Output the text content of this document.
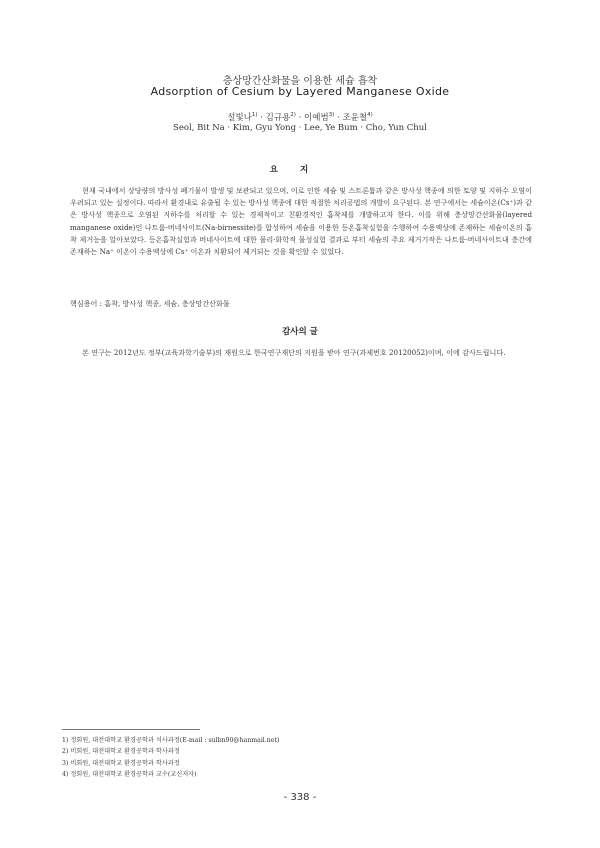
층상망간산화물을 이용한 세슘 흡착
Adsorption of Cesium by Layered Manganese Oxide
설빛나$^{1)}$ · 김규용$^{2)}$ · 이예범$^{3)}$ · 조윤철$^{4)}$
Seol, Bit Na · Kim, Gyu Yong · Lee, Ye Bum · Cho, Yun Chul
요지

현재 국내에서 상당량의 방사성 폐기물이 발생 및 보관되고 있으며, 이로 인한 세슘 및 스트론튬과 같은 방사성 핵종에 의한 토양 및 지하수 오염이 우려되고 있는 실정이다. 따라서 환경내로 유출될 수 있는 방사성 핵종에 대한 적절한 처리공법의 개발이 요구된다. 본 연구에서는 세슘이온(Cs⁺)과 같은 방사성 핵종으로 오염된 지하수를 처리할 수 있는 경제적이고 친환경적인 흡착제를 개발하고자 한다. 이를 위해 층상망간산화물(layered manganese oxide)인 나트륨-버네사이트(Na-birnessite)를 합성하여 세슘을 이용한 등온흡착실험을 수행하여 수용액상에 존재하는 세슘이온의 흡착 제거능을 알아보았다. 등온흡착실험과 버네사이트에 대한 물리·화학적 물성실험 결과로 부터 세슘의 주요 제거기작은 나트륨-버네사이트내 층간에 존재하는 Na⁺ 이온이 수용액상에 Cs⁺ 이온과 치환되어 제거되는 것을 확인할 수 있었다.

핵심용어 : 흡착, 방사성 핵종, 세슘, 층상망간산화물

감사의 글

본 연구는 2012년도 정부(교육과학기술부)의 재원으로 한국연구재단의 지원을 받아 연구(과제번호 20120052)이며, 이에 감사드립니다.

1) 정회원, 대전대학교 환경공학과 석사과정(E-mail : sulbn90@hanmail.net)
2) 비회원, 대전대학교 환경공학과 학사과정
3) 비회원, 대전대학교 환경공학과 학사과정
4) 정회원, 대전대학교 환경공학과 교수(교신저자)
- 338 -
